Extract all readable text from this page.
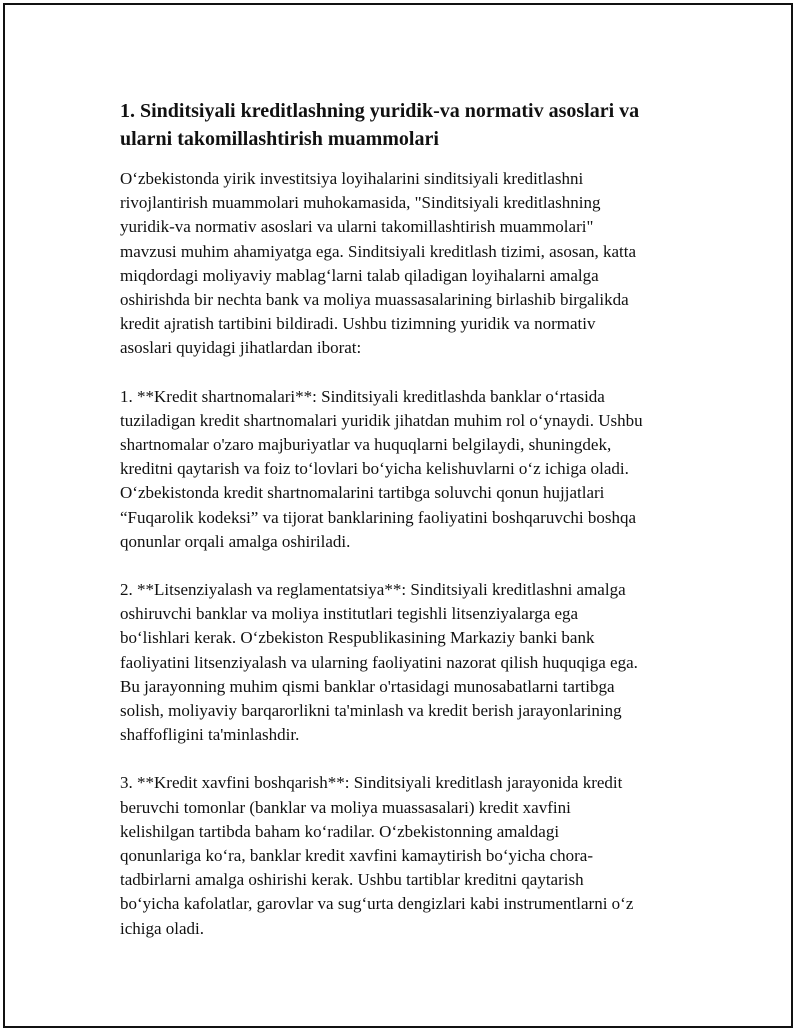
1. Sinditsiyali kreditlashning yuridik-va normativ asoslari va
ularni takomillashtirish muammolari
O‘zbekistonda yirik investitsiya loyihalarini sinditsiyali kreditlashni
rivojlantirish muammolari muhokamasida, "Sinditsiyali kreditlashning
yuridik-va normativ asoslari va ularni takomillashtirish muammolari"
mavzusi muhim ahamiyatga ega. Sinditsiyali kreditlash tizimi, asosan, katta
miqdordagi moliyaviy mablag‘larni talab qiladigan loyihalarni amalga
oshirishda bir nechta bank va moliya muassasalarining birlashib birgalikda
kredit ajratish tartibini bildiradi. Ushbu tizimning yuridik va normativ
asoslari quyidagi jihatlardan iborat:
1. **Kredit shartnomalari**: Sinditsiyali kreditlashda banklar o‘rtasida
tuziladigan kredit shartnomalari yuridik jihatdan muhim rol o‘ynaydi. Ushbu
shartnomalar o'zaro majburiyatlar va huquqlarni belgilaydi, shuningdek,
kreditni qaytarish va foiz to‘lovlari bo‘yicha kelishuvlarni o‘z ichiga oladi.
O‘zbekistonda kredit shartnomalarini tartibga soluvchi qonun hujjatlari
“Fuqarolik kodeksi” va tijorat banklarining faoliyatini boshqaruvchi boshqa
qonunlar orqali amalga oshiriladi.
2. **Litsenziyalash va reglamentatsiya**: Sinditsiyali kreditlashni amalga
oshiruvchi banklar va moliya institutlari tegishli litsenziyalarga ega
bo‘lishlari kerak. O‘zbekiston Respublikasining Markaziy banki bank
faoliyatini litsenziyalash va ularning faoliyatini nazorat qilish huquqiga ega.
Bu jarayonning muhim qismi banklar o'rtasidagi munosabatlarni tartibga
solish, moliyaviy barqarorlikni ta'minlash va kredit berish jarayonlarining
shaffofligini ta'minlashdir.
3. **Kredit xavfini boshqarish**: Sinditsiyali kreditlash jarayonida kredit
beruvchi tomonlar (banklar va moliya muassasalari) kredit xavfini
kelishilgan tartibda baham ko‘radilar. O‘zbekistonning amaldagi
qonunlariga ko‘ra, banklar kredit xavfini kamaytirish bo‘yicha chora-
tadbirlarni amalga oshirishi kerak. Ushbu tartiblar kreditni qaytarish
bo‘yicha kafolatlar, garovlar va sug‘urta dengizlari kabi instrumentlarni o‘z
ichiga oladi.
